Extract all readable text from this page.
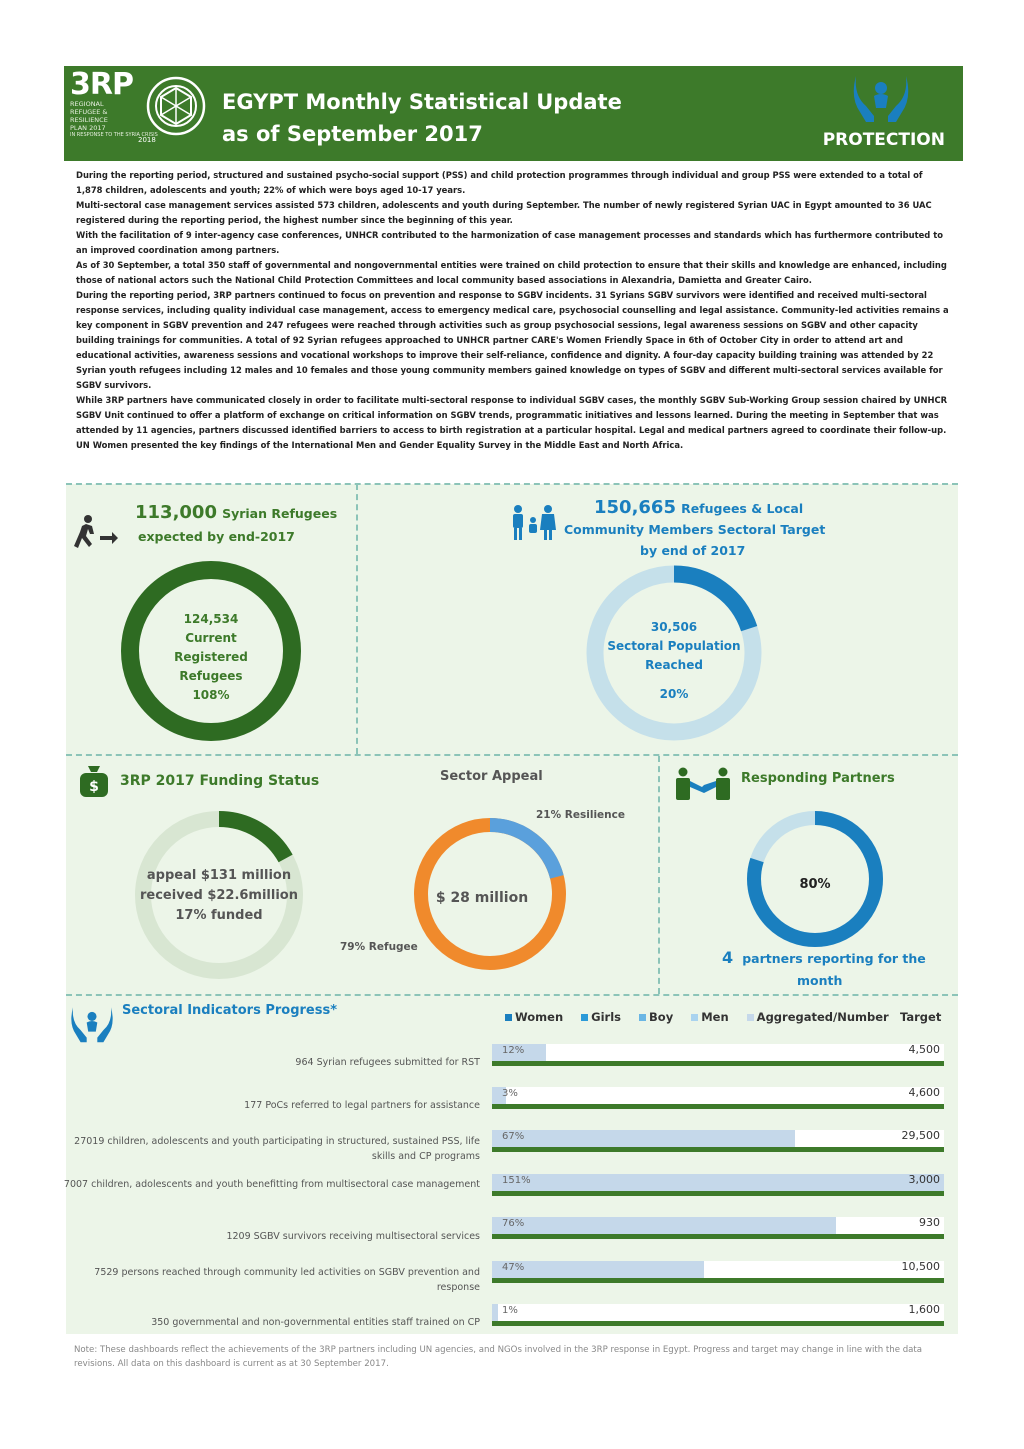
3RP
REGIONAL
REFUGEE &
RESILIENCE
PLAN 2017
2018
IN RESPONSE TO THE SYRIA CRISIS
EGYPT Monthly Statistical Update
as of September 2017	PROTECTION

During the reporting period, structured and sustained psycho-social support (PSS) and child protection programmes through individual and group PSS were extended to a total of 1,878 children, adolescents and youth; 22% of which were boys aged 10-17 years.

Multi-sectoral case management services assisted 573 children, adolescents and youth during September. The number of newly registered Syrian UAC in Egypt amounted to 36 UAC registered during the reporting period, the highest number since the beginning of this year.

With the facilitation of 9 inter-agency case conferences, UNHCR contributed to the harmonization of case management processes and standards which has furthermore contributed to an improved coordination among partners.

As of 30 September, a total 350 staff of governmental and nongovernmental entities were trained on child protection to ensure that their skills and knowledge are enhanced, including those of national actors such the National Child Protection Committees and local community based associations in Alexandria, Damietta and Greater Cairo.

During the reporting period, 3RP partners continued to focus on prevention and response to SGBV incidents. 31 Syrians SGBV survivors were identified and received multi-sectoral response services, including quality individual case management, access to emergency medical care, psychosocial counselling and legal assistance. Community-led activities remains a key component in SGBV prevention and 247 refugees were reached through activities such as group psychosocial sessions, legal awareness sessions on SGBV and other capacity building trainings for communities. A total of 92 Syrian refugees approached to UNHCR partner CARE's Women Friendly Space in 6th of October City in order to attend art and educational activities, awareness sessions and vocational workshops to improve their self-reliance, confidence and dignity. A four-day capacity building training was attended by 22 Syrian youth refugees including 12 males and 10 females and those young community members gained knowledge on types of SGBV and different multi-sectoral services available for SGBV survivors.

While 3RP partners have communicated closely in order to facilitate multi-sectoral response to individual SGBV cases, the monthly SGBV Sub-Working Group session chaired by UNHCR SGBV Unit continued to offer a platform of exchange on critical information on SGBV trends, programmatic initiatives and lessons learned. During the meeting in September that was attended by 11 agencies, partners discussed identified barriers to access to birth registration at a particular hospital. Legal and medical partners agreed to coordinate their follow-up. UN Women presented the key findings of the International Men and Gender Equality Survey in the Middle East and North Africa.

113,000 Syrian Refugees
expected by end-2017
124,534
Current
Registered
Refugees
108%
150,665 Refugees & Local
Community Members Sectoral Target
by end of 2017
30,506
Sectoral Population
Reached
20%
$ 3RP 2017 Funding Status
appeal $131 million
received $22.6million
17% funded
Sector Appeal
21% Resilience
$ 28 million
79% Refugee
Responding Partners
80%
4 partners reporting for the
month
Sectoral Indicators Progress*	Women Girls Boy Men Aggregated/Number Target
964 Syrian refugees submitted for RST
12%	4,500
177 PoCs referred to legal partners for assistance
3%	4,600
27019 children, adolescents and youth participating in structured, sustained PSS, life skills and CP programs
67%	29,500
7007 children, adolescents and youth benefitting from multisectoral case management 151%	3,000
1209 SGBV survivors receiving multisectoral services
76%	930
7529 persons reached through community led activities on SGBV prevention and response
47%	10,500
350 governmental and non-governmental entities staff trained on CP
1%	1,600
Note: These dashboards reflect the achievements of the 3RP partners including UN agencies, and NGOs involved in the 3RP response in Egypt. Progress and target may change in line with the data revisions. All data on this dashboard is current as at 30 September 2017.
